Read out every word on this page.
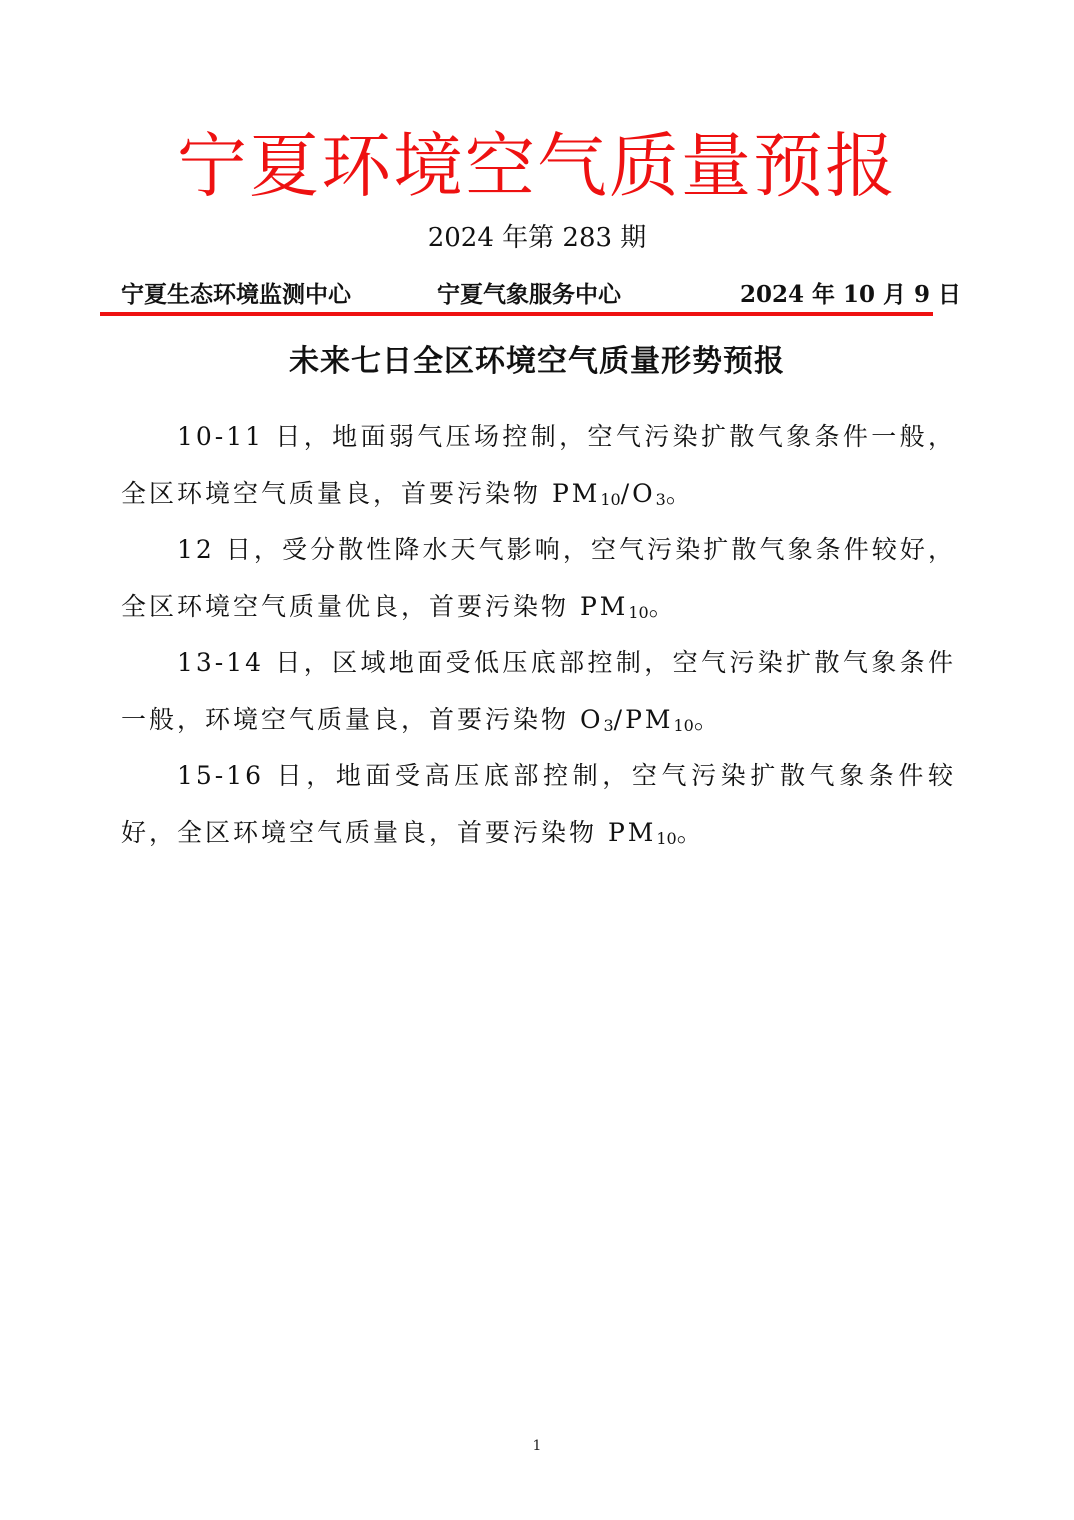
宁夏环境空气质量预报
2024 年第 283 期
宁夏生态环境监测中心	宁夏气象服务中心	2024 年 10 月 9 日
未来七日全区环境空气质量形势预报

10-11 日，地面弱气压场控制，空气污染扩散气象条件一般，全区环境空气质量良，首要污染物 PM10/O3。

12 日，受分散性降水天气影响，空气污染扩散气象条件较好，全区环境空气质量优良，首要污染物 PM10。

13-14 日，区域地面受低压底部控制，空气污染扩散气象条件一般，环境空气质量良，首要污染物 O3/PM10。

15-16 日，地面受高压底部控制，空气污染扩散气象条件较好，全区环境空气质量良，首要污染物 PM10。

1
